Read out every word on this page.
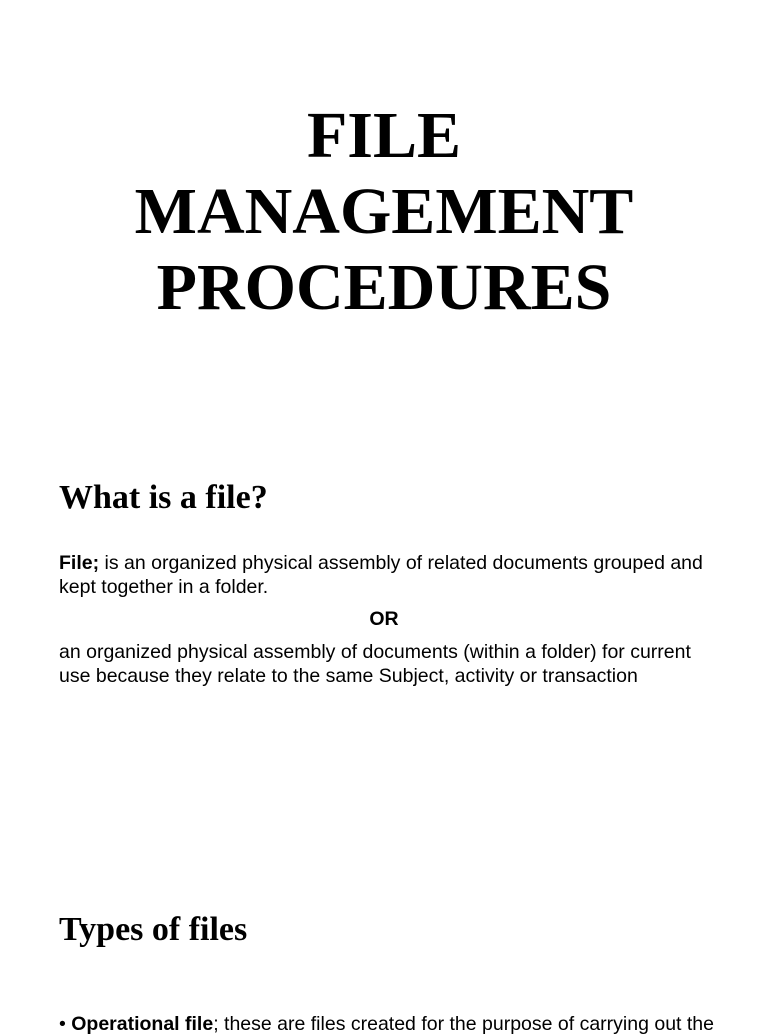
FILE
MANAGEMENT
PROCEDURES
What is a file?

File; is an organized physical assembly of related documents grouped and kept together in a folder.

OR

an organized physical assembly of documents (within a folder) for current use because they relate to the same Subject, activity or transaction

Types of files

• Operational file; these are files created for the purpose of carrying out the
